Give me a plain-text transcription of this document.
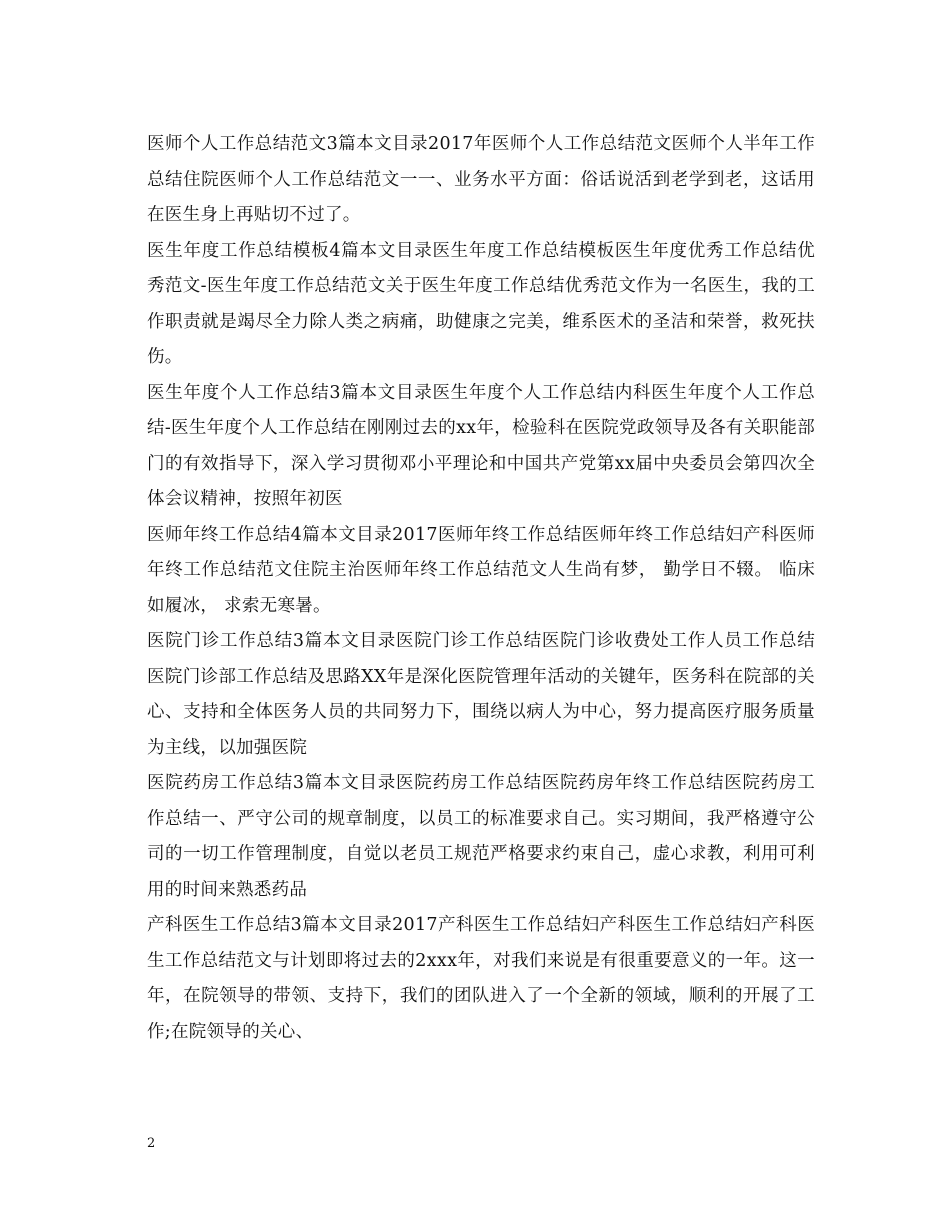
医师个人工作总结范文3篇本文目录2017年医师个人工作总结范文医师个人半年工作总结住院医师个人工作总结范文一一、业务水平方面：俗话说活到老学到老，这话用在医生身上再贴切不过了。

医生年度工作总结模板4篇本文目录医生年度工作总结模板医生年度优秀工作总结优秀范文-医生年度工作总结范文关于医生年度工作总结优秀范文作为一名医生，我的工作职责就是竭尽全力除人类之病痛，助健康之完美，维系医术的圣洁和荣誉，救死扶伤。

医生年度个人工作总结3篇本文目录医生年度个人工作总结内科医生年度个人工作总结-医生年度个人工作总结在刚刚过去的xx年，检验科在医院党政领导及各有关职能部门的有效指导下，深入学习贯彻邓小平理论和中国共产党第xx届中央委员会第四次全体会议精神，按照年初医

医师年终工作总结4篇本文目录2017医师年终工作总结医师年终工作总结妇产科医师年终工作总结范文住院主治医师年终工作总结范文人生尚有梦， 勤学日不辍。 临床如履冰， 求索无寒暑。

医院门诊工作总结3篇本文目录医院门诊工作总结医院门诊收费处工作人员工作总结医院门诊部工作总结及思路XX年是深化医院管理年活动的关键年，医务科在院部的关心、支持和全体医务人员的共同努力下，围绕以病人为中心，努力提高医疗服务质量为主线，以加强医院

医院药房工作总结3篇本文目录医院药房工作总结医院药房年终工作总结医院药房工作总结一、严守公司的规章制度，以员工的标准要求自己。实习期间，我严格遵守公司的一切工作管理制度，自觉以老员工规范严格要求约束自己，虚心求教，利用可利用的时间来熟悉药品

产科医生工作总结3篇本文目录2017产科医生工作总结妇产科医生工作总结妇产科医生工作总结范文与计划即将过去的2xxx年，对我们来说是有很重要意义的一年。这一年，在院领导的带领、支持下，我们的团队进入了一个全新的领域，顺利的开展了工作;在院领导的关心、

2
